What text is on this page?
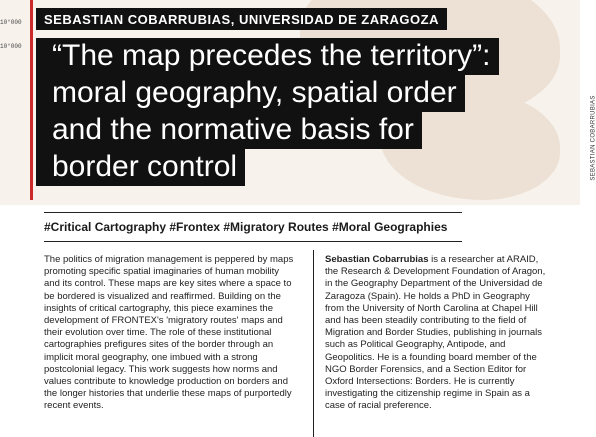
10°000
10°000
SEBASTIAN COBARRUBIAS
SEBASTIAN COBARRUBIAS, UNIVERSIDAD DE ZARAGOZA
“The map precedes the territory”:
moral geography, spatial order
and the normative basis for
border control
#Critical Cartography #Frontex #Migratory Routes #Moral Geographies

The politics of migration management is peppered by maps promoting specific spatial imaginaries of human mobility and its control. These maps are key sites where a space to be bordered is visualized and reaffirmed. Building on the insights of critical cartography, this piece examines the development of FRONTEX's 'migratory routes' maps and their evolution over time. The role of these institutional cartographies prefigures sites of the border through an implicit moral geography, one imbued with a strong postcolonial legacy. This work suggests how norms and values contribute to knowledge production on borders and the longer histories that underlie these maps of purportedly recent events.

Sebastian Cobarrubias is a researcher at ARAID, the Research & Development Foundation of Aragon, in the Geography Department of the Universidad de Zaragoza (Spain). He holds a PhD in Geography from the University of North Carolina at Chapel Hill and has been steadily contributing to the field of Migration and Border Studies, publishing in journals such as Political Geography, Antipode, and Geopolitics. He is a founding board member of the NGO Border Forensics, and a Section Editor for Oxford Intersections: Borders. He is currently investigating the citizenship regime in Spain as a case of racial preference.
